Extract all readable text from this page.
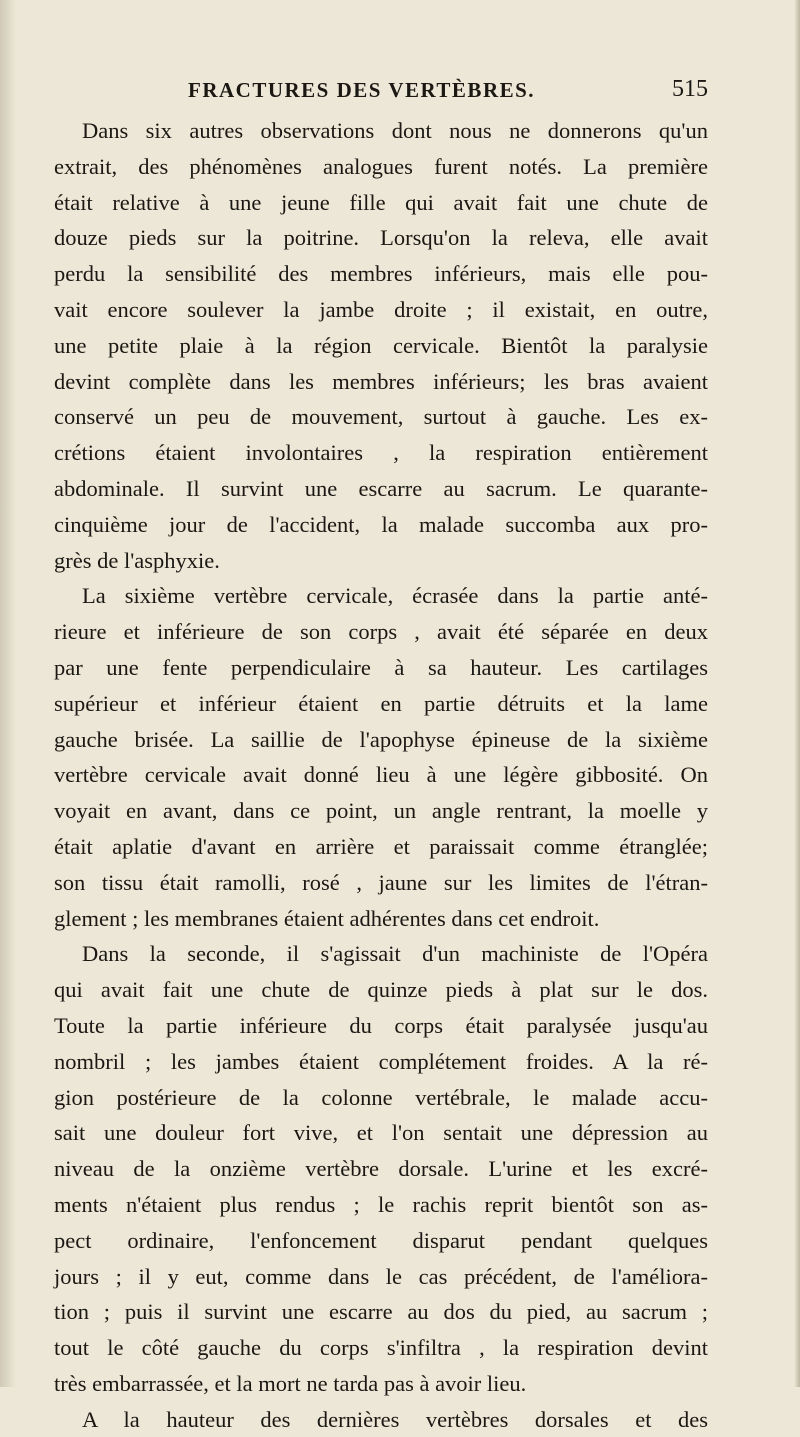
FRACTURES DES VERTÈBRES.	515
Dans six autres observations dont nous ne donnerons qu'un
extrait, des phénomènes analogues furent notés. La première
était relative à une jeune fille qui avait fait une chute de
douze pieds sur la poitrine. Lorsqu'on la releva, elle avait
perdu la sensibilité des membres inférieurs, mais elle pou-
vait encore soulever la jambe droite ; il existait, en outre,
une petite plaie à la région cervicale. Bientôt la paralysie
devint complète dans les membres inférieurs; les bras avaient
conservé un peu de mouvement, surtout à gauche. Les ex-
crétions étaient involontaires , la respiration entièrement
abdominale. Il survint une escarre au sacrum. Le quarante-
cinquième jour de l'accident, la malade succomba aux pro-
grès de l'asphyxie.
La sixième vertèbre cervicale, écrasée dans la partie anté-
rieure et inférieure de son corps , avait été séparée en deux
par une fente perpendiculaire à sa hauteur. Les cartilages
supérieur et inférieur étaient en partie détruits et la lame
gauche brisée. La saillie de l'apophyse épineuse de la sixième
vertèbre cervicale avait donné lieu à une légère gibbosité. On
voyait en avant, dans ce point, un angle rentrant, la moelle y
était aplatie d'avant en arrière et paraissait comme étranglée;
son tissu était ramolli, rosé , jaune sur les limites de l'étran-
glement ; les membranes étaient adhérentes dans cet endroit.
Dans la seconde, il s'agissait d'un machiniste de l'Opéra
qui avait fait une chute de quinze pieds à plat sur le dos.
Toute la partie inférieure du corps était paralysée jusqu'au
nombril ; les jambes étaient complétement froides. A la ré-
gion postérieure de la colonne vertébrale, le malade accu-
sait une douleur fort vive, et l'on sentait une dépression au
niveau de la onzième vertèbre dorsale. L'urine et les excré-
ments n'étaient plus rendus ; le rachis reprit bientôt son as-
pect ordinaire, l'enfoncement disparut pendant quelques
jours ; il y eut, comme dans le cas précédent, de l'améliora-
tion ; puis il survint une escarre au dos du pied, au sacrum ;
tout le côté gauche du corps s'infiltra , la respiration devint
très embarrassée, et la mort ne tarda pas à avoir lieu.
A la hauteur des dernières vertèbres dorsales et des
